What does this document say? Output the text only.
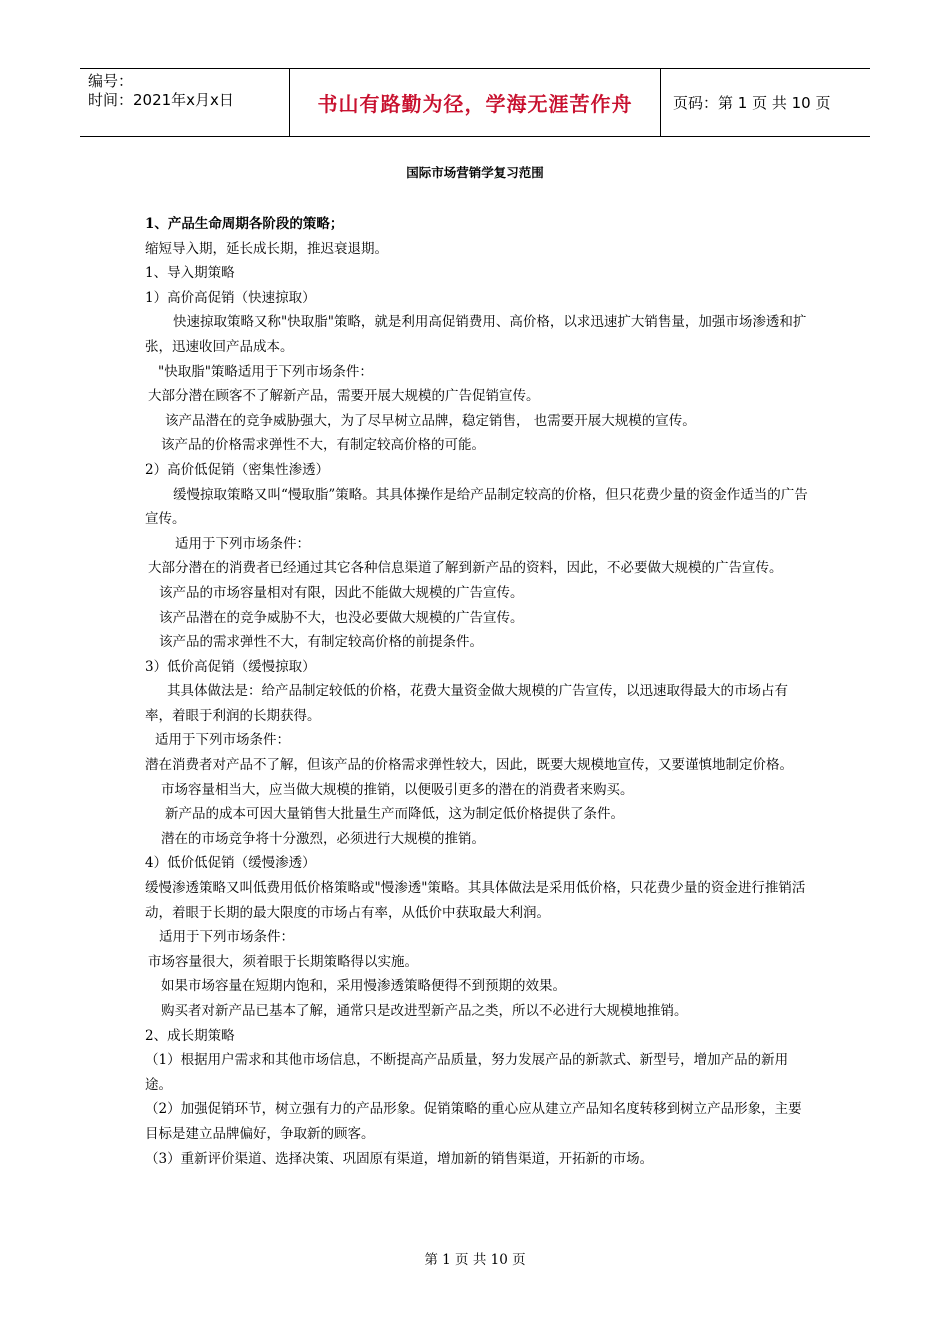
编号：
时间：2021年x月x日	书山有路勤为径，学海无涯苦作舟	页码：第 1 页 共 10 页
国际市场营销学复习范围

1、产品生命周期各阶段的策略；

缩短导入期，延长成长期，推迟衰退期。

1、导入期策略

1）高价高促销（快速掠取）

快速掠取策略又称"快取脂"策略，就是利用高促销费用、高价格，以求迅速扩大销售量，加强市场渗透和扩张，迅速收回产品成本。

"快取脂"策略适用于下列市场条件：

大部分潜在顾客不了解新产品，需要开展大规模的广告促销宣传。

该产品潜在的竞争威胁强大，为了尽早树立品牌，稳定销售， 也需要开展大规模的宣传。

该产品的价格需求弹性不大，有制定较高价格的可能。

2）高价低促销（密集性渗透）

缓慢掠取策略又叫“慢取脂”策略。其具体操作是给产品制定较高的价格，但只花费少量的资金作适当的广告宣传。

适用于下列市场条件：

大部分潜在的消费者已经通过其它各种信息渠道了解到新产品的资料，因此，不必要做大规模的广告宣传。

该产品的市场容量相对有限，因此不能做大规模的广告宣传。

该产品潜在的竞争威胁不大，也没必要做大规模的广告宣传。

该产品的需求弹性不大，有制定较高价格的前提条件。

3）低价高促销（缓慢掠取）

其具体做法是：给产品制定较低的价格，花费大量资金做大规模的广告宣传，以迅速取得最大的市场占有率，着眼于利润的长期获得。

适用于下列市场条件：

潜在消费者对产品不了解，但该产品的价格需求弹性较大，因此，既要大规模地宣传，又要谨慎地制定价格。

市场容量相当大，应当做大规模的推销，以便吸引更多的潜在的消费者来购买。

新产品的成本可因大量销售大批量生产而降低，这为制定低价格提供了条件。

潜在的市场竞争将十分激烈，必须进行大规模的推销。

4）低价低促销（缓慢渗透）

缓慢渗透策略又叫低费用低价格策略或"慢渗透"策略。其具体做法是采用低价格，只花费少量的资金进行推销活动，着眼于长期的最大限度的市场占有率，从低价中获取最大利润。

适用于下列市场条件：

市场容量很大，须着眼于长期策略得以实施。

如果市场容量在短期内饱和，采用慢渗透策略便得不到预期的效果。

购买者对新产品已基本了解，通常只是改进型新产品之类，所以不必进行大规模地推销。

2、成长期策略

（1）根据用户需求和其他市场信息，不断提高产品质量，努力发展产品的新款式、新型号，增加产品的新用途。

（2）加强促销环节，树立强有力的产品形象。促销策略的重心应从建立产品知名度转移到树立产品形象，主要目标是建立品牌偏好，争取新的顾客。

（3）重新评价渠道、选择决策、巩固原有渠道，增加新的销售渠道，开拓新的市场。

第 1 页 共 10 页
